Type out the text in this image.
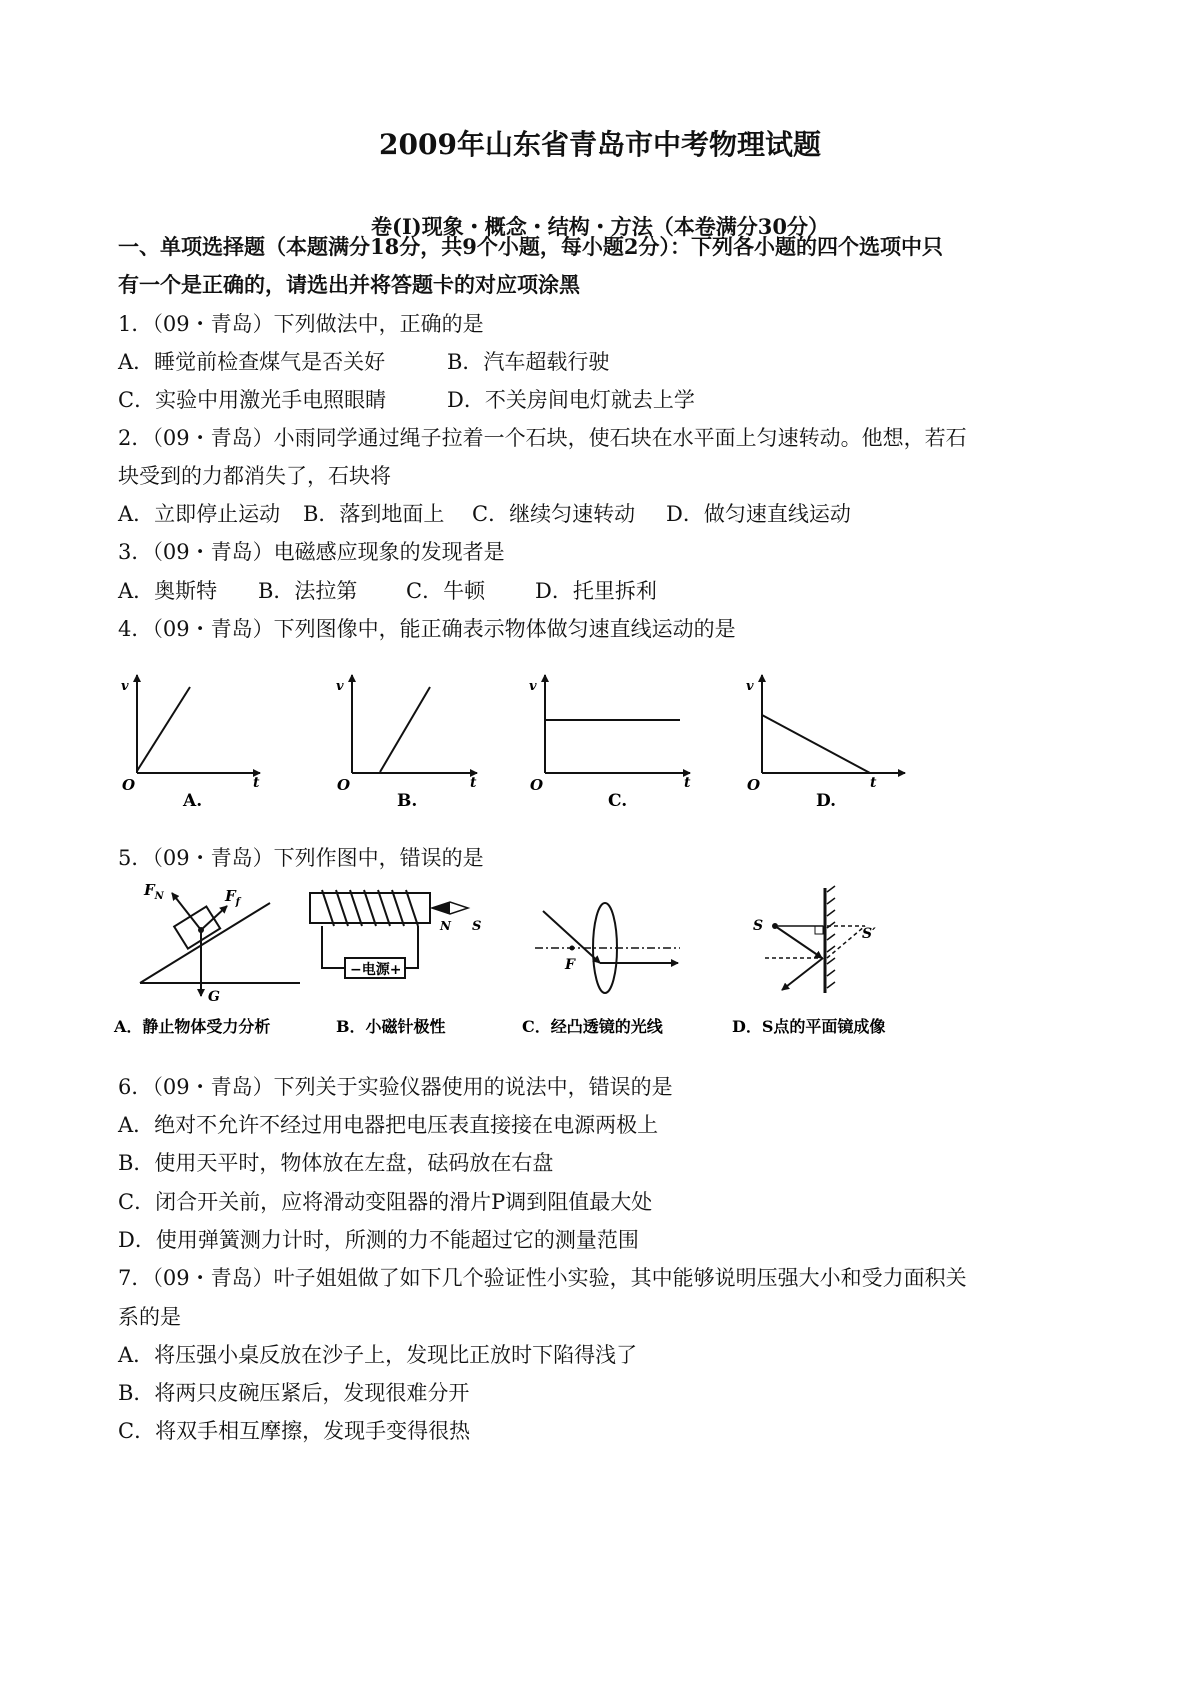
2009年山东省青岛市中考物理试题
卷(I)现象・概念・结构・方法（本卷满分30分）
一、单项选择题（本题满分18分，共9个小题，每小题2分）：下列各小题的四个选项中只
有一个是正确的，请选出并将答题卡的对应项涂黑
1．（09・青岛）下列做法中，正确的是
A．睡觉前检查煤气是否关好	B．汽车超载行驶
C．实验中用激光手电照眼睛	D．不关房间电灯就去上学
2．（09・青岛）小雨同学通过绳子拉着一个石块，使石块在水平面上匀速转动。他想，若石
块受到的力都消失了，石块将
A．立即停止运动 B．落到地面上 C．继续匀速转动 D．做匀速直线运动
3．（09・青岛）电磁感应现象的发现者是
A．奥斯特 B．法拉第 C．牛顿 D．托里拆利
4．（09・青岛）下列图像中，能正确表示物体做匀速直线运动的是
v
O	t
A.
v
O	t
B.
v
O	t
C.
v
O	t
D.
5．（09・青岛）下列作图中，错误的是
$F_N$	$F_f$
G
−电源+
N S
F
S	S′
A．静止物体受力分析	B．小磁针极性	C．经凸透镜的光线	D．S点的平面镜成像
6．（09・青岛）下列关于实验仪器使用的说法中，错误的是
A．绝对不允许不经过用电器把电压表直接接在电源两极上
B．使用天平时，物体放在左盘，砝码放在右盘
C．闭合开关前，应将滑动变阻器的滑片P调到阻值最大处
D．使用弹簧测力计时，所测的力不能超过它的测量范围
7．（09・青岛）叶子姐姐做了如下几个验证性小实验，其中能够说明压强大小和受力面积关
系的是
A．将压强小桌反放在沙子上，发现比正放时下陷得浅了
B．将两只皮碗压紧后，发现很难分开
C．将双手相互摩擦，发现手变得很热
